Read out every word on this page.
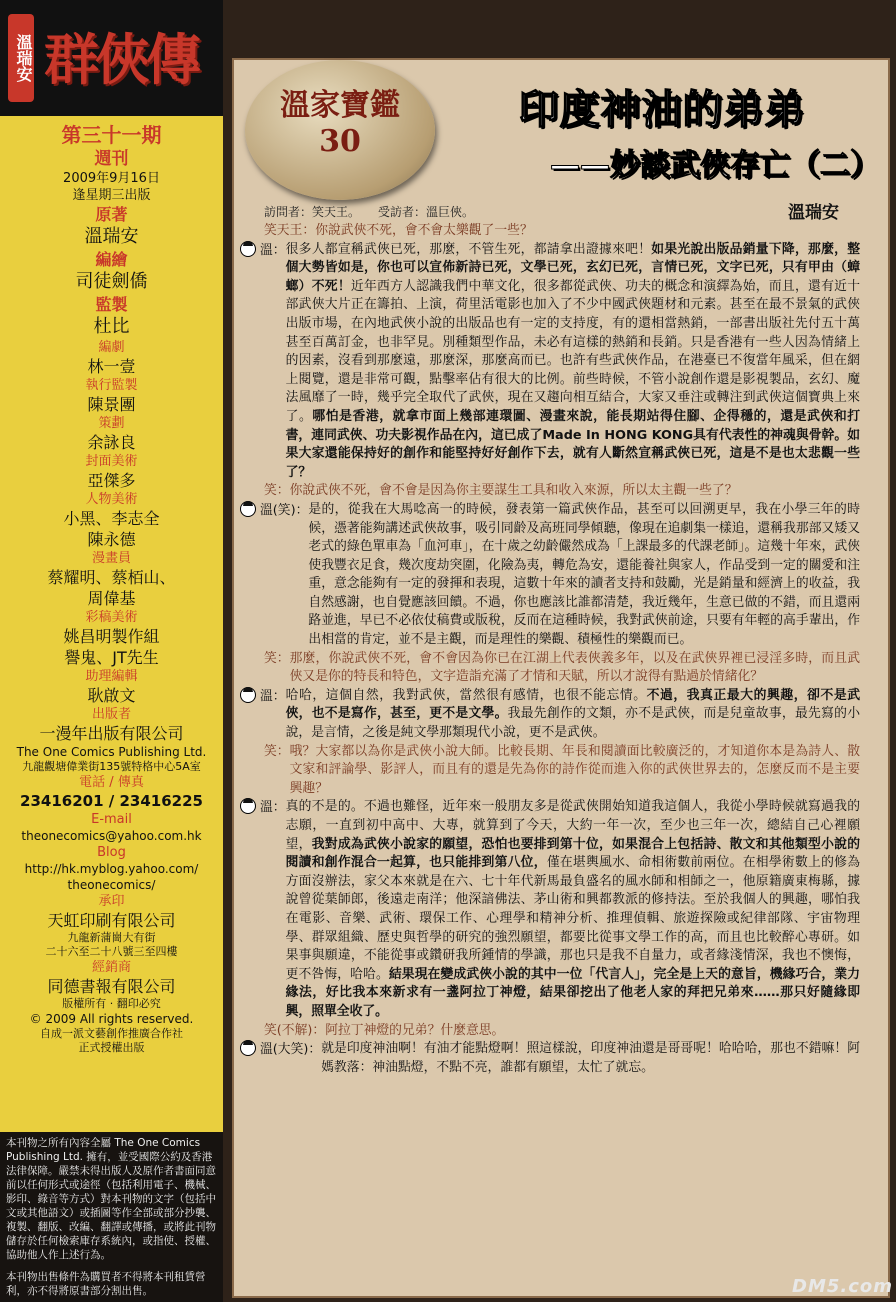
溫瑞安 群俠傳
第三十一期
週刊
2009年9月16日
逢星期三出版
原著
溫瑞安
編繪
司徒劍僑
監製
杜比
編劇
林一壹
執行監製
陳景團
策劃
余詠良
封面美術
亞傑多
人物美術
小黑、李志全
陳永德
漫畫員
蔡耀明、蔡栢山、
周偉基
彩稿美術
姚昌明製作組
譽鬼、JT先生
助理編輯
耿啟文
出版者
一漫年出版有限公司
The One Comics Publishing Ltd.
九龍觀塘偉業街135號特格中心5A室
電話 / 傳真
23416201 / 23416225
E-mail
theonecomics@yahoo.com.hk
Blog
http://hk.myblog.yahoo.com/
theonecomics/
承印
天虹印刷有限公司
九龍新蒲崗大有街
二十六至二十八號三至四樓
經銷商
同德書報有限公司
版權所有 · 翻印必究
© 2009 All rights reserved.
自成一派文藝創作推廣合作社
正式授權出版

本刊物之所有內容全屬 The One Comics Publishing Ltd. 擁有，並受國際公約及香港法律保障。嚴禁未得出版人及原作者書面同意前以任何形式或途徑（包括利用電子、機械、影印、錄音等方式）對本刊物的文字（包括中文或其他語文）或插圖等作全部或部分抄襲、複製、翻版、改編、翻譯或傳播，或將此刊物儲存於任何檢索庫存系統內，或指使、授權、協助他人作上述行為。

本刊物出售條件為購買者不得將本刊租賃營利，亦不得將原書部分割出售。

溫家寶鑑30
印度神油的弟弟
——妙談武俠存亡（二）
訪問者：笑天王。　　受訪者：溫巨俠。	溫瑞安
笑天王： 你說武俠不死，會不會太樂觀了一些？
溫： 很多人都宣稱武俠已死，那麼，不管生死，都請拿出證據來吧！如果光說出版品銷量下降，那麼，整個大勢皆如是，你也可以宣佈新詩已死，文學已死，玄幻已死，言情已死，文字已死，只有甲由（蟑螂）不死！近年西方人認識我們中華文化，很多都從武俠、功夫的概念和演繹為始，而且，還有近十部武俠大片正在籌拍、上演，荷里活電影也加入了不少中國武俠題材和元素。甚至在最不景氣的武俠出版市場，在內地武俠小說的出版品也有一定的支持度，有的還相當熱銷，一部書出版社先付五十萬甚至百萬訂金，也非罕見。別種類型作品，未必有這樣的熱銷和長銷。只是香港有一些人因為情緒上的因素，沒看到那麼遠，那麼深，那麼高而已。也許有些武俠作品，在港臺已不復當年風采，但在網上閱覽，還是非常可觀，點擊率佔有很大的比例。前些時候，不管小說創作還是影視製品，玄幻、魔法風靡了一時，幾乎完全取代了武俠，現在又趨向相互結合，大家又垂注或轉注到武俠這個寶典上來了。哪怕是香港，就拿市面上幾部連環圖、漫畫來說，能長期站得住腳、企得穩的，還是武俠和打書，連同武俠、功夫影視作品在內，這已成了Made In HONG KONG具有代表性的神魂與骨幹。如果大家還能保持好的創作和能堅持好好創作下去，就有人斷然宣稱武俠已死，這是不是也太悲觀一些了？
笑： 你說武俠不死，會不會是因為你主要謀生工具和收入來源，所以太主觀一些了？
溫(笑)： 是的，從我在大馬唸高一的時候，發表第一篇武俠作品，甚至可以回溯更早，我在小學三年的時候，憑著能夠講述武俠故事，吸引同齡及高班同學傾聽，像現在追劇集一樣追，還稱我那部又矮又老式的綠色單車為「血河車」，在十歲之幼齡儼然成為「上課最多的代課老師」。這幾十年來，武俠使我豐衣足食，幾次度劫突圍，化險為夷，轉危為安，還能養社與家人，作品受到一定的關愛和注重，意念能夠有一定的發揮和表現，這數十年來的讀者支持和鼓勵，光是銷量和經濟上的收益，我自然感謝，也自覺應該回饋。不過，你也應該比誰都清楚，我近幾年，生意已做的不錯，而且還兩路並進，早已不必依仗稿費或版稅，反而在這種時候，我對武俠前途，只要有年輕的高手輩出，作出相當的肯定，並不是主觀，而是理性的樂觀、積極性的樂觀而已。
笑： 那麼，你說武俠不死，會不會因為你已在江湖上代表俠義多年，以及在武俠界裡已浸淫多時，而且武俠又是你的特長和特色，文字造詣充滿了才情和天賦，所以才說得有點過於情緒化？
溫： 哈哈，這個自然，我對武俠，當然很有感情，也很不能忘情。不過，我真正最大的興趣，卻不是武俠，也不是寫作，甚至，更不是文學。我最先創作的文類，亦不是武俠，而是兒童故事，最先寫的小說，是言情，之後是純文學那類現代小說，更不是武俠。
笑： 哦？大家都以為你是武俠小說大師。比較長期、年長和閱讀面比較廣泛的，才知道你本是為詩人、散文家和評論學、影評人，而且有的還是先為你的詩作從而進入你的武俠世界去的，怎麼反而不是主要興趣？
溫： 真的不是的。不過也難怪，近年來一般朋友多是從武俠開始知道我這個人，我從小學時候就寫過我的志願，一直到初中高中、大專，就算到了今天，大約一年一次，至少也三年一次，總結自己心裡願望，我對成為武俠小說家的願望，恐怕也要排到第十位，如果混合上包括詩、散文和其他類型小說的閱讀和創作混合一起算，也只能排到第八位，僅在堪輿風水、命相術數前兩位。在相學術數上的修為方面沒辦法，家父本來就是在六、七十年代新馬最負盛名的風水師和相師之一，他原籍廣東梅縣，據說曾從葉師郎，後遠走南洋；他深諳佛法、茅山術和興都教派的修持法。至於我個人的興趣，哪怕我在電影、音樂、武術、環保工作、心理學和精神分析、推理偵輯、旅遊探險或紀律部隊、宇宙物理學、群眾組織、歷史與哲學的研究的強烈願望，都要比從事文學工作的高，而且也比較醉心專研。如果事與願違，不能從事或鑽研我所鍾情的學識，那也只是我不自量力，或者緣淺情深，我也不懊悔，更不咎悔，哈哈。結果現在變成武俠小說的其中一位「代言人」，完全是上天的意旨，機緣巧合，業力緣法，好比我本來新求有一盞阿拉丁神燈，結果卻挖出了他老人家的拜把兄弟來……那只好隨緣即興，照單全收了。
笑(不解)： 阿拉丁神燈的兄弟？什麼意思。
溫(大笑)： 就是印度神油啊！有油才能點燈啊！照這樣說，印度神油還是哥哥呢！哈哈哈，那也不錯嘛！阿媽教落：神油點燈，不點不亮，誰都有願望，太忙了就忘。
DM5.com
